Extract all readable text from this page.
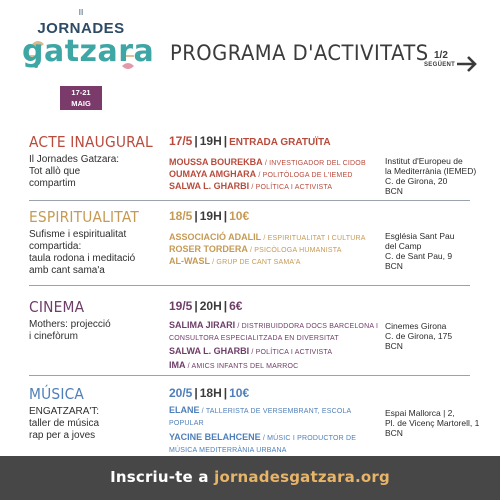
II
JORNADES
gatzara
17-21
MAIG
PROGRAMA D'ACTIVITATS 1/2
SEGÜENT
ACTE INAUGURAL
Il Jornades Gatzara:
Tot allò que
compartim
17/5 | 19H | ENTRADA GRATUÏTA
MOUSSA BOUREKBA / INVESTIGADOR DEL CIDOB
OUMAYA AMGHARA / POLITÒLOGA DE L'IEMED
SALWA L. GHARBI / POLÍTICA I ACTIVISTA
Institut d'Europeu de
la Mediterrània (IEMED)
C. de Girona, 20
BCN
ESPIRITUALITAT
Sufisme i espiritualitat
compartida:
taula rodona i meditació
amb cant sama'a
18/5 | 19H | 10€
ASSOCIACIÓ ADALIL / ESPIRITUALITAT I CULTURA
ROSER TORDERA / PSICÒLOGA HUMANISTA
AL-WASL / GRUP DE CANT SAMA'A
Església Sant Pau
del Camp
C. de Sant Pau, 9
BCN
CINEMA
Mothers: projecció
i cinefòrum
19/5 | 20H | 6€
SALIMA JIRARI / DISTRIBUIDDORA DOCS BARCELONA I CONSULTORA ESPECIALITZADA EN DIVERSITAT
SALWA L. GHARBI / POLÍTICA I ACTIVISTA
IMA / AMICS INFANTS DEL MARROC
Cinemes Girona
C. de Girona, 175
BCN
MÚSICA
ENGATZARA'T:
taller de música
rap per a joves
20/5 | 18H | 10€
ELANE / TALLERISTA DE VERSEMBRANT, ESCOLA POPULAR
YACINE BELAHCENE / MÚSIC I PRODUCTOR DE MÚSICA MEDITERRÀNIA URBANA
Espai Mallorca | 2,
Pl. de Vicenç Martorell, 1
BCN
Inscriu-te a jornadesgatzara.org
